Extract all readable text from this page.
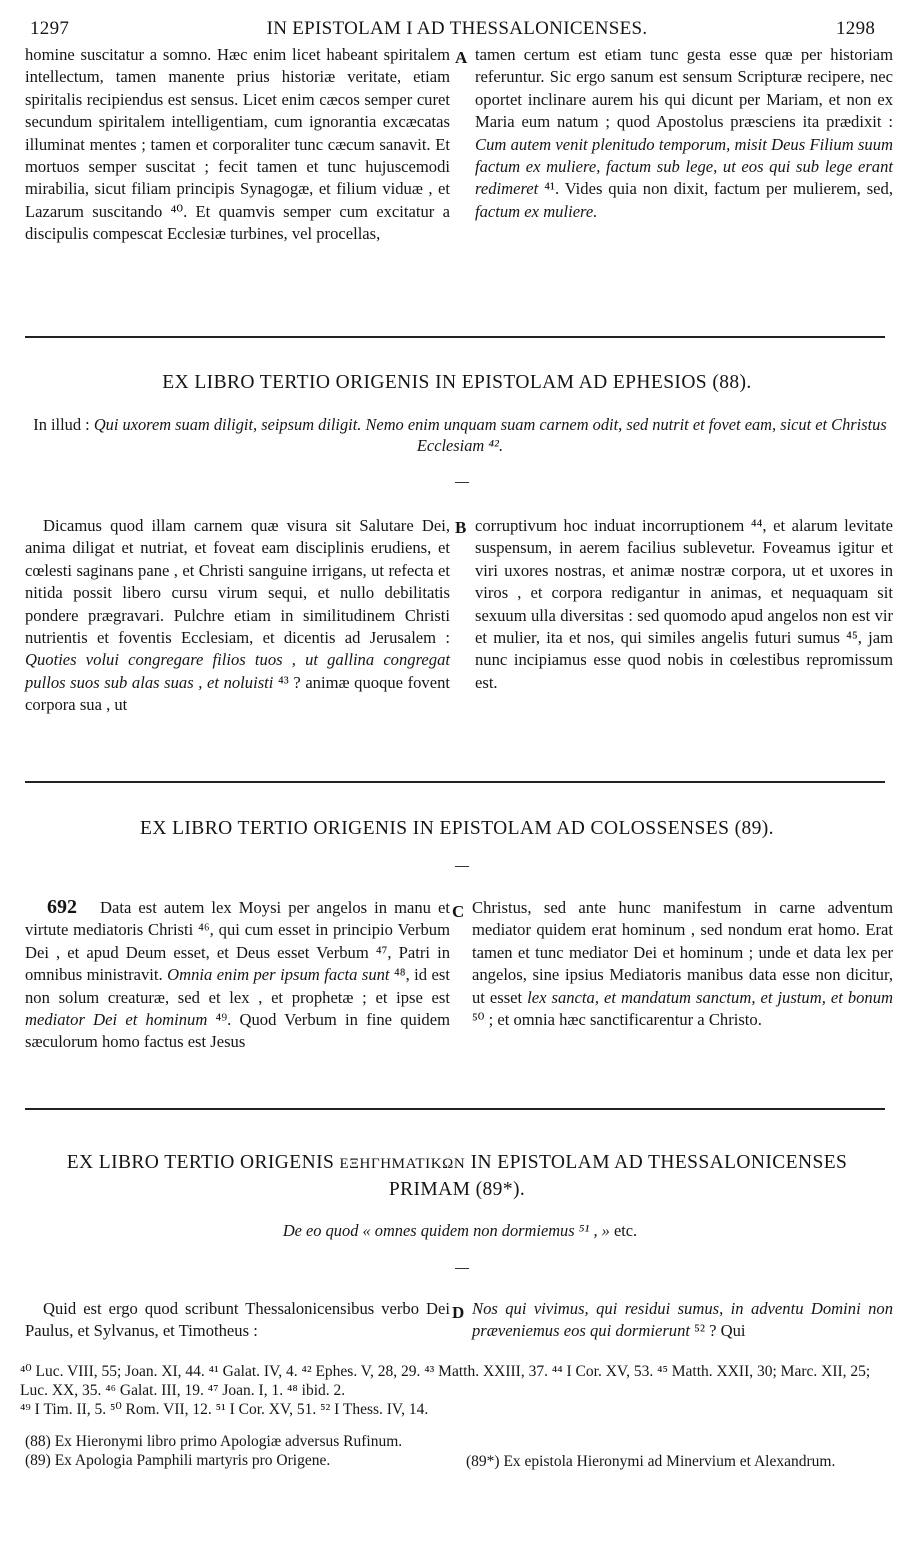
1297	IN EPISTOLAM I AD THESSALONICENSES.	1298

homine suscitatur a somno. Hæc enim licet habeant spiritalem intellectum, tamen manente prius historiæ veritate, etiam spiritalis recipiendus est sensus. Licet enim cæcos semper curet secundum spiritalem intelligentiam, cum ignorantia excæcatas illuminat mentes ; tamen et corporaliter tunc cæcum sanavit. Et mortuos semper suscitat ; fecit tamen et tunc hujuscemodi mirabilia, sicut filiam principis Synagogæ, et filium viduæ , et Lazarum suscitando ⁴⁰. Et quamvis semper cum excitatur a discipulis compescat Ecclesiæ turbines, vel procellas,

A tamen certum est etiam tunc gesta esse quæ per historiam referuntur. Sic ergo sanum est sensum Scripturæ recipere, nec oportet inclinare aurem his qui dicunt per Mariam, et non ex Maria eum natum ; quod Apostolus præsciens ita prædixit : Cum autem venit plenitudo temporum, misit Deus Filium suum factum ex muliere, factum sub lege, ut eos qui sub lege erant redimeret ⁴¹. Vides quia non dixit, factum per mulierem, sed, factum ex muliere.

EX LIBRO TERTIO ORIGENIS IN EPISTOLAM AD EPHESIOS (88).
In illud : Qui uxorem suam diligit, seipsum diligit. Nemo enim unquam suam carnem odit, sed nutrit et fovet eam, sicut et Christus Ecclesiam ⁴².

Dicamus quod illam carnem quæ visura sit Salutare Dei, anima diligat et nutriat, et foveat eam disciplinis erudiens, et cœlesti saginans pane , et Christi sanguine irrigans, ut refecta et nitida possit libero cursu virum sequi, et nullo debilitatis pondere prægravari. Pulchre etiam in similitudinem Christi nutrientis et foventis Ecclesiam, et dicentis ad Jerusalem : Quoties volui congregare filios tuos , ut gallina congregat pullos suos sub alas suas , et noluisti ⁴³ ? animæ quoque fovent corpora sua , ut

B corruptivum hoc induat incorruptionem ⁴⁴, et alarum levitate suspensum, in aerem facilius sublevetur. Foveamus igitur et viri uxores nostras, et animæ nostræ corpora, ut et uxores in viros , et corpora redigantur in animas, et nequaquam sit sexuum ulla diversitas : sed quomodo apud angelos non est vir et mulier, ita et nos, qui similes angelis futuri sumus ⁴⁵, jam nunc incipiamus esse quod nobis in cœlestibus repromissum est.

EX LIBRO TERTIO ORIGENIS IN EPISTOLAM AD COLOSSENSES (89).
692	Data est autem lex Moysi per angelos in manu et virtute mediatoris Christi ⁴⁶, qui cum esset in principio Verbum Dei , et apud Deum esset, et Deus esset Verbum ⁴⁷, Patri in omnibus ministravit. Omnia enim per ipsum facta sunt ⁴⁸, id est non solum creaturæ, sed et lex , et prophetæ ; et ipse est mediator Dei et hominum ⁴⁹. Quod Verbum in fine quidem sæculorum homo factus est Jesus

C Christus, sed ante hunc manifestum in carne adventum mediator quidem erat hominum , sed nondum erat homo. Erat tamen et tunc mediator Dei et hominum ; unde et data lex per angelos, sine ipsius Mediatoris manibus data esse non dicitur, ut esset lex sancta, et mandatum sanctum, et justum, et bonum ⁵⁰ ; et omnia hæc sanctificarentur a Christo.

EX LIBRO TERTIO ORIGENIS ΕΞΗΓΗΜΑΤΙΚΩΝ IN EPISTOLAM AD THESSALONICENSES
PRIMAM (89*).
De eo quod « omnes quidem non dormiemus ⁵¹ , » etc.

Quid est ergo quod scribunt Thessalonicensibus verbo Dei Paulus, et Sylvanus, et Timotheus :

D Nos qui vivimus, qui residui sumus, in adventu Domini non præveniemus eos qui dormierunt ⁵² ? Qui

⁴⁰ Luc. VIII, 55; Joan. XI, 44. ⁴¹ Galat. IV, 4. ⁴² Ephes. V, 28, 29. ⁴³ Matth. XXIII, 37. ⁴⁴ I Cor. XV, 53. ⁴⁵ Matth. XXII, 30; Marc. XII, 25; Luc. XX, 35. ⁴⁶ Galat. III, 19. ⁴⁷ Joan. I, 1. ⁴⁸ ibid. 2.

⁴⁹ I Tim. II, 5. ⁵⁰ Rom. VII, 12. ⁵¹ I Cor. XV, 51. ⁵² I Thess. IV, 14.

(88) Ex Hieronymi libro primo Apologiæ adversus Rufinum.

(89) Ex Apologia Pamphili martyris pro Origene.	(89*) Ex epistola Hieronymi ad Minervium et Alexandrum.
